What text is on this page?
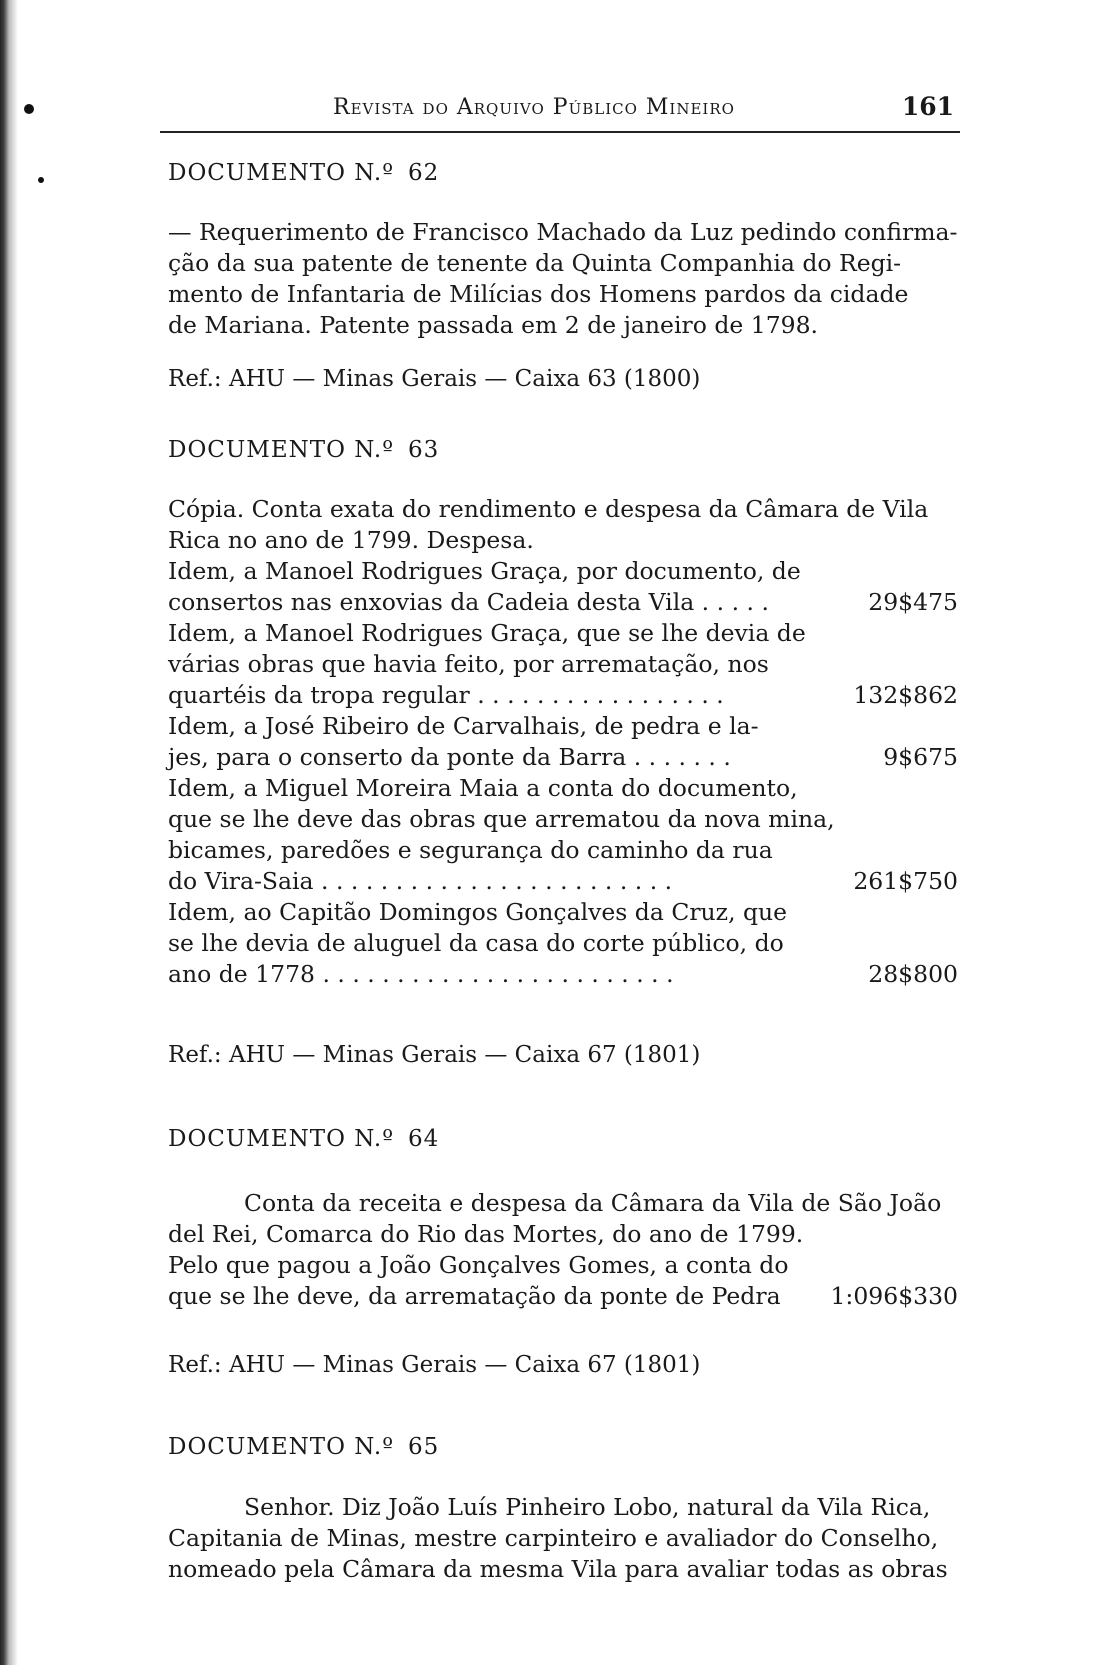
Revista do Arquivo Público Mineiro	161
DOCUMENTO N.º 62
— Requerimento de Francisco Machado da Luz pedindo confirma-
ção da sua patente de tenente da Quinta Companhia do Regi-
mento de Infantaria de Milícias dos Homens pardos da cidade
de Mariana. Patente passada em 2 de janeiro de 1798.
Ref.: AHU — Minas Gerais — Caixa 63 (1800)
DOCUMENTO N.º 63
Cópia. Conta exata do rendimento e despesa da Câmara de Vila
Rica no ano de 1799. Despesa.
Idem, a Manoel Rodrigues Graça, por documento, de
consertos nas enxovias da Cadeia desta Vila . . . . .	29$475
Idem, a Manoel Rodrigues Graça, que se lhe devia de
várias obras que havia feito, por arrematação, nos
quartéis da tropa regular . . . . . . . . . . . . . . . . .	132$862
Idem, a José Ribeiro de Carvalhais, de pedra e la-
jes, para o conserto da ponte da Barra . . . . . . .	9$675
Idem, a Miguel Moreira Maia a conta do documento,
que se lhe deve das obras que arrematou da nova mina,
bicames, paredões e segurança do caminho da rua
do Vira-Saia . . . . . . . . . . . . . . . . . . . . . . . .	261$750
Idem, ao Capitão Domingos Gonçalves da Cruz, que
se lhe devia de aluguel da casa do corte público, do
ano de 1778 . . . . . . . . . . . . . . . . . . . . . . . .	28$800
Ref.: AHU — Minas Gerais — Caixa 67 (1801)
DOCUMENTO N.º 64
Conta da receita e despesa da Câmara da Vila de São João
del Rei, Comarca do Rio das Mortes, do ano de 1799.
Pelo que pagou a João Gonçalves Gomes, a conta do
que se lhe deve, da arrematação da ponte de Pedra	1:096$330
Ref.: AHU — Minas Gerais — Caixa 67 (1801)
DOCUMENTO N.º 65
Senhor. Diz João Luís Pinheiro Lobo, natural da Vila Rica,
Capitania de Minas, mestre carpinteiro e avaliador do Conselho,
nomeado pela Câmara da mesma Vila para avaliar todas as obras
